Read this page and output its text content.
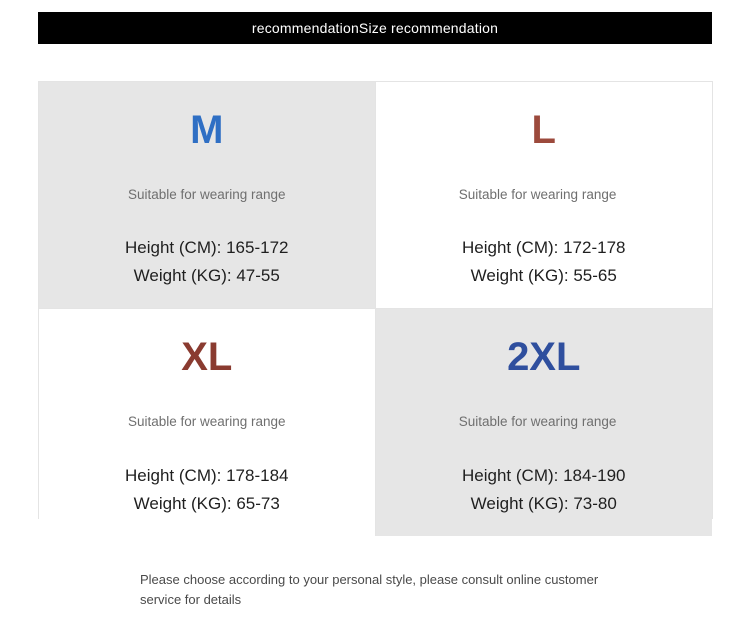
recommendationSize recommendation
M
Suitable for wearing range
Height (CM): 165-172
Weight (KG): 47-55
L
Suitable for wearing range
Height (CM): 172-178
Weight (KG): 55-65
XL
Suitable for wearing range
Height (CM): 178-184
Weight (KG): 65-73
2XL
Suitable for wearing range
Height (CM): 184-190
Weight (KG): 73-80
Please choose according to your personal style, please consult online customer service for details
